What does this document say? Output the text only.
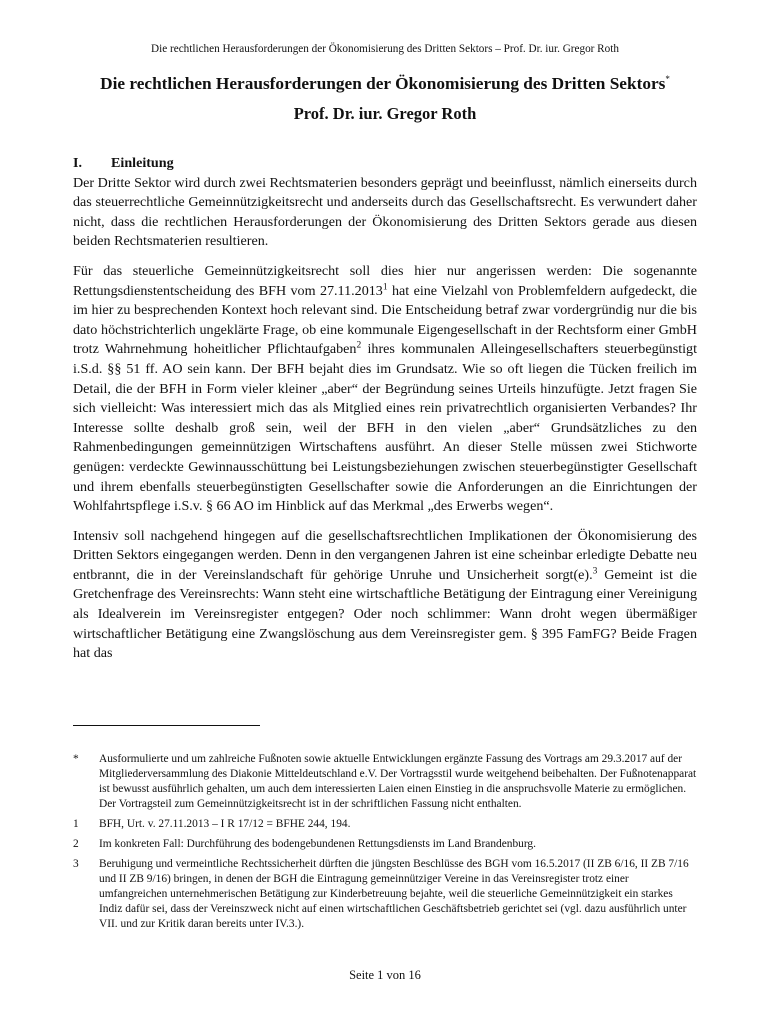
Die rechtlichen Herausforderungen der Ökonomisierung des Dritten Sektors – Prof. Dr. iur. Gregor Roth
Die rechtlichen Herausforderungen der Ökonomisierung des Dritten Sektors*
Prof. Dr. iur. Gregor Roth

I. Einleitung

Der Dritte Sektor wird durch zwei Rechtsmaterien besonders geprägt und beeinflusst, nämlich einerseits durch das steuerrechtliche Gemeinnützigkeitsrecht und anderseits durch das Gesellschaftsrecht. Es verwundert daher nicht, dass die rechtlichen Herausforderungen der Ökonomisierung des Dritten Sektors gerade aus diesen beiden Rechtsmaterien resultieren.

Für das steuerliche Gemeinnützigkeitsrecht soll dies hier nur angerissen werden: Die sogenannte Rettungsdienstentscheidung des BFH vom 27.11.2013$^1$ hat eine Vielzahl von Problemfeldern aufgedeckt, die im hier zu besprechenden Kontext hoch relevant sind. Die Entscheidung betraf zwar vordergründig nur die bis dato höchstrichterlich ungeklärte Frage, ob eine kommunale Eigengesellschaft in der Rechtsform einer GmbH trotz Wahrnehmung hoheitlicher Pflichtaufgaben$^2$ ihres kommunalen Alleingesellschafters steuerbegünstigt i.S.d. §§ 51 ff. AO sein kann. Der BFH bejaht dies im Grundsatz. Wie so oft liegen die Tücken freilich im Detail, die der BFH in Form vieler kleiner „aber“ der Begründung seines Urteils hinzufügte. Jetzt fragen Sie sich vielleicht: Was interessiert mich das als Mitglied eines rein privatrechtlich organisierten Verbandes? Ihr Interesse sollte deshalb groß sein, weil der BFH in den vielen „aber“ Grundsätzliches zu den Rahmenbedingungen gemeinnützigen Wirtschaftens ausführt. An dieser Stelle müssen zwei Stichworte genügen: verdeckte Gewinnausschüttung bei Leistungsbeziehungen zwischen steuerbegünstigter Gesellschaft und ihrem ebenfalls steuerbegünstigten Gesellschafter sowie die Anforderungen an die Einrichtungen der Wohlfahrtspflege i.S.v. § 66 AO im Hinblick auf das Merkmal „des Erwerbs wegen“.

Intensiv soll nachgehend hingegen auf die gesellschaftsrechtlichen Implikationen der Ökonomisierung des Dritten Sektors eingegangen werden. Denn in den vergangenen Jahren ist eine scheinbar erledigte Debatte neu entbrannt, die in der Vereinslandschaft für gehörige Unruhe und Unsicherheit sorgt(e).$^3$ Gemeint ist die Gretchenfrage des Vereinsrechts: Wann steht eine wirtschaftliche Betätigung der Eintragung einer Vereinigung als Idealverein im Vereinsregister entgegen? Oder noch schlimmer: Wann droht wegen übermäßiger wirtschaftlicher Betätigung eine Zwangslöschung aus dem Vereinsregister gem. § 395 FamFG? Beide Fragen hat das

*	Ausformulierte und um zahlreiche Fußnoten sowie aktuelle Entwicklungen ergänzte Fassung des Vortrags am 29.3.2017 auf der Mitgliederversammlung des Diakonie Mitteldeutschland e.V. Der Vortragsstil wurde weitgehend beibehalten. Der Fußnotenapparat ist bewusst ausführlich gehalten, um auch dem interessierten Laien einen Einstieg in die anspruchsvolle Materie zu ermöglichen. Der Vortragsteil zum Gemeinnützigkeitsrecht ist in der schriftlichen Fassung nicht enthalten.
1	BFH, Urt. v. 27.11.2013 – I R 17/12 = BFHE 244, 194.
2	Im konkreten Fall: Durchführung des bodengebundenen Rettungsdiensts im Land Brandenburg.
3	Beruhigung und vermeintliche Rechtssicherheit dürften die jüngsten Beschlüsse des BGH vom 16.5.2017 (II ZB 6/16, II ZB 7/16 und II ZB 9/16) bringen, in denen der BGH die Eintragung gemeinnütziger Vereine in das Vereinsregister trotz einer umfangreichen unternehmerischen Betätigung zur Kinderbetreuung bejahte, weil die steuerliche Gemeinnützigkeit ein starkes Indiz dafür sei, dass der Vereinszweck nicht auf einen wirtschaftlichen Geschäftsbetrieb gerichtet sei (vgl. dazu ausführlich unter VII. und zur Kritik daran bereits unter IV.3.).
Seite 1 von 16
